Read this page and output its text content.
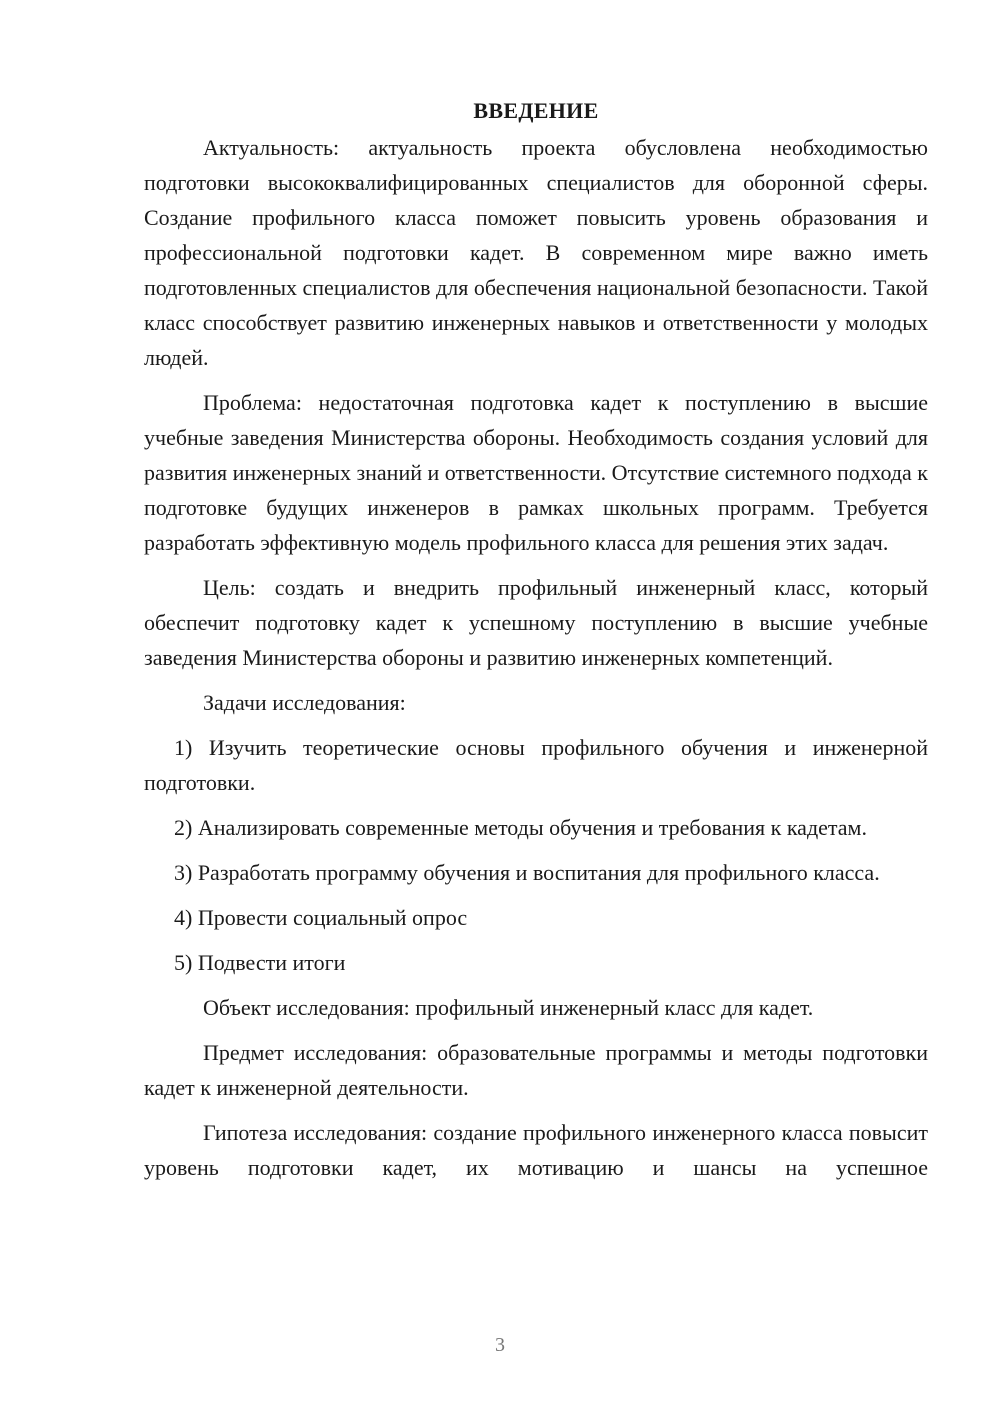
ВВЕДЕНИЕ

Актуальность: актуальность проекта обусловлена необходимостью подготовки высококвалифицированных специалистов для оборонной сферы. Создание профильного класса поможет повысить уровень образования и профессиональной подготовки кадет. В современном мире важно иметь подготовленных специалистов для обеспечения национальной безопасности. Такой класс способствует развитию инженерных навыков и ответственности у молодых людей.

Проблема: недостаточная подготовка кадет к поступлению в высшие учебные заведения Министерства обороны. Необходимость создания условий для развития инженерных знаний и ответственности. Отсутствие системного подхода к подготовке будущих инженеров в рамках школьных программ. Требуется разработать эффективную модель профильного класса для решения этих задач.

Цель: создать и внедрить профильный инженерный класс, который обеспечит подготовку кадет к успешному поступлению в высшие учебные заведения Министерства обороны и развитию инженерных компетенций.

Задачи исследования:

1) Изучить теоретические основы профильного обучения и инженерной подготовки.

2) Анализировать современные методы обучения и требования к кадетам.

3) Разработать программу обучения и воспитания для профильного класса.

4) Провести социальный опрос

5) Подвести итоги

Объект исследования: профильный инженерный класс для кадет.

Предмет исследования: образовательные программы и методы подготовки кадет к инженерной деятельности.

Гипотеза исследования: создание профильного инженерного класса повысит уровень подготовки кадет, их мотивацию и шансы на успешное

3
